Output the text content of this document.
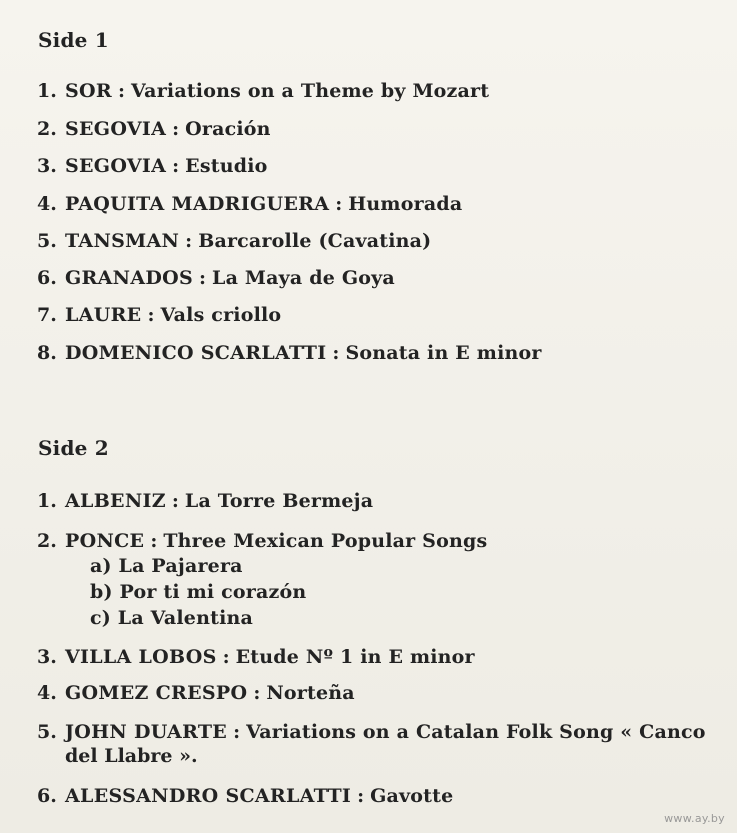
Side 1
1. SOR : Variations on a Theme by Mozart
2. SEGOVIA : Oración
3. SEGOVIA : Estudio
4. PAQUITA MADRIGUERA : Humorada
5. TANSMAN : Barcarolle (Cavatina)
6. GRANADOS : La Maya de Goya
7. LAURE : Vals criollo
8. DOMENICO SCARLATTI : Sonata in E minor
Side 2
1. ALBENIZ : La Torre Bermeja
2. PONCE : Three Mexican Popular Songs
a) La Pajarera
b) Por ti mi corazón
c) La Valentina
3. VILLA LOBOS : Etude Nº 1 in E minor
4. GOMEZ CRESPO : Norteña
5. JOHN DUARTE : Variations on a Catalan Folk Song « Canco
del Llabre ».
6. ALESSANDRO SCARLATTI : Gavotte
www.ay.by
